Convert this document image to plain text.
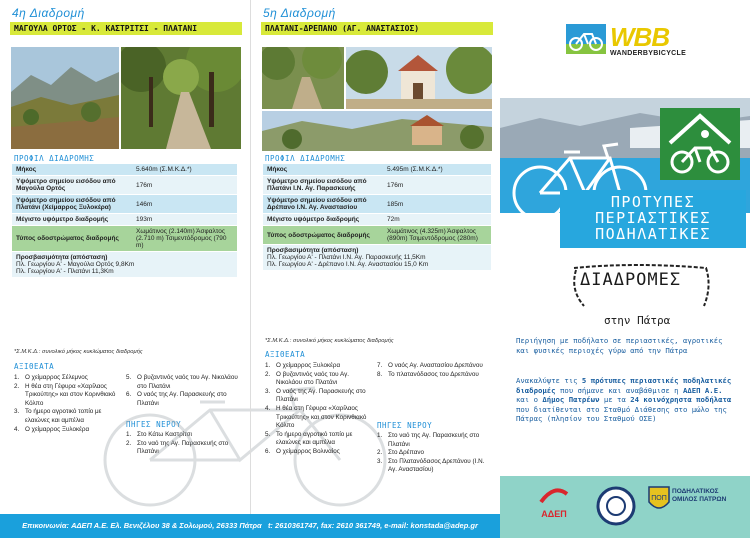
4η Διαδρομή
ΜΑΓΟΥΛΑ ΟΡΤΟΣ - Κ. ΚΑΣΤΡΙΤΣΙ - ΠΛΑΤΑΝΙ
ΠΡΟΦΙΛ ΔΙΑΔΡΟΜΗΣ
Μήκος	5.640m (Σ.Μ.Κ.Δ.*)
Υψόμετρο σημείου εισόδου από Μαγούλα Ορτός	176m
Υψόμετρο σημείου εισόδου από Πλατάνι (Χείμαρρος Ξυλοκέρα)	146m
Μέγιστο υψόμετρο διαδρομής	193m
Τύπος οδοστρώματος διαδρομής	Χωμάτινος (2.140m) Άσφαλτος (2.710 m) Τσιμεντόδρομος (790 m)

Προσβασιμότητα (απόσταση)
Πλ. Γεωργίου Α' - Μαγούλα Ορτός 9,8Km
Πλ. Γεωργίου Α' - Πλατάνι 11,3Km	
*Σ.Μ.Κ.Δ.: συνολικό μήκος κυκλώματος διαδρομής
ΑΞΙΘΕΑΤΑ
1. Ο χείμαρρος Σέλεμνος
2. Η θέα στη Γέφυρα «Χαρίλαος Τρικούπης» και στον Κορινθιακό Κόλπο
3. Το ήμερο αγροτικό τοπίο με ελαιώνες και αμπέλια
4. Ο χείμαρρος Ξυλοκέρα
5. Ο βυζαντινός ναός του Αγ. Νικολάου στο Πλατάνι
6. Ο ναός της Αγ. Παρασκευής στο Πλατάνι
ΠΗΓΕΣ ΝΕΡΟΥ
1. Στο Κάτω Καστρίτσι
2. Στο ναό της Αγ. Παρασκευής στο Πλατάνι
5η Διαδρομή
ΠΛΑΤΑΝΙ-ΔΡΕΠΑΝΟ (ΑΓ. ΑΝΑΣΤΑΣΙΟΣ)
ΠΡΟΦΙΛ ΔΙΑΔΡΟΜΗΣ
Μήκος	5.495m (Σ.Μ.Κ.Δ.*)
Υψόμετρο σημείου εισόδου από Πλατάνι Ι.Ν. Αγ. Παρασκευής	176m
Υψόμετρο σημείου εισόδου από Δρέπανο Ι.Ν. Αγ. Αναστασίου	185m
Μέγιστο υψόμετρο διαδρομής	72m
Τύπος οδοστρώματος διαδρομής	Χωμάτινος (4.325m) Άσφαλτος (890m) Τσιμεντόδρομος (280m)

Προσβασιμότητα (απόσταση)
Πλ. Γεωργίου Α' - Πλατάνι Ι.Ν. Αγ. Παρασκευής 11,5Km
Πλ. Γεωργίου Α' - Δρέπανο Ι.Ν. Αγ. Αναστασίου 15,0 Km	
*Σ.Μ.Κ.Δ.: συνολικό μήκος κυκλώματος διαδρομής
ΑΞΙΘΕΑΤΑ
1. Ο χείμαρρος Ξυλοκέρα
2. Ο βυζαντινός ναός του Αγ. Νικολάου στο Πλατάνι
3. Ο ναός της Αγ. Παρασκευής στο Πλατάνι
4. Η θέα στη Γέφυρα «Χαρίλαος Τρικούπης» και στον Κορινθιακό Κόλπο
5. Το ήμερο αγροτικό τοπίο με ελαιώνες και αμπέλια
6. Ο χείμαρρος Βολιναίος
7. Ο ναός Αγ. Αναστασίου Δρεπάνου
8. Το πλατανόδασος του Δρεπάνου
ΠΗΓΕΣ ΝΕΡΟΥ
1. Στο ναό της Αγ. Παρασκευής στο Πλατάνι
2. Στο Δρέπανο
3. Στο Πλατανόδασος Δρεπάνου (Ι.Ν. Αγ. Αναστασίου)
Επικοινωνία: ΑΔΕΠ Α.Ε. Ελ. Βενιζέλου 38 & Σολωμού, 26333 Πάτρα t: 2610361747, fax: 2610 361749, e-mail: konstada@adep.gr
WBB
WANDERBYBICYCLE
ΠΡΟΤΥΠΕΣ
ΠΕΡΙΑΣΤΙΚΕΣ
ΠΟΔΗΛΑΤΙΚΕΣ
ΔΙΑΔΡΟΜΕΣ
στην Πάτρα
Περιήγηση με ποδήλατο σε περιαστικές, αγροτικές και φυσικές περιοχές γύρω από την Πάτρα
Ανακαλύψτε τις 5 πρότυπες περιαστικές ποδηλατικές διαδρομές που σήμανε και αναβάθμισε η ΑΔΕΠ Α.Ε. και ο Δήμος Πατρέων με τα 24 κοινόχρηστα ποδήλατα που διατίθενται στο Σταθμό Διάθεσης στο μώλο της Πάτρας (πλησίον του Σταθμού ΟΣΕ)
ΑΔΕΠ
ΠΟΠ
ΠΟΔΗΛΑΤΙΚΟΣ ΟΜΙΛΟΣ ΠΑΤΡΩΝ
